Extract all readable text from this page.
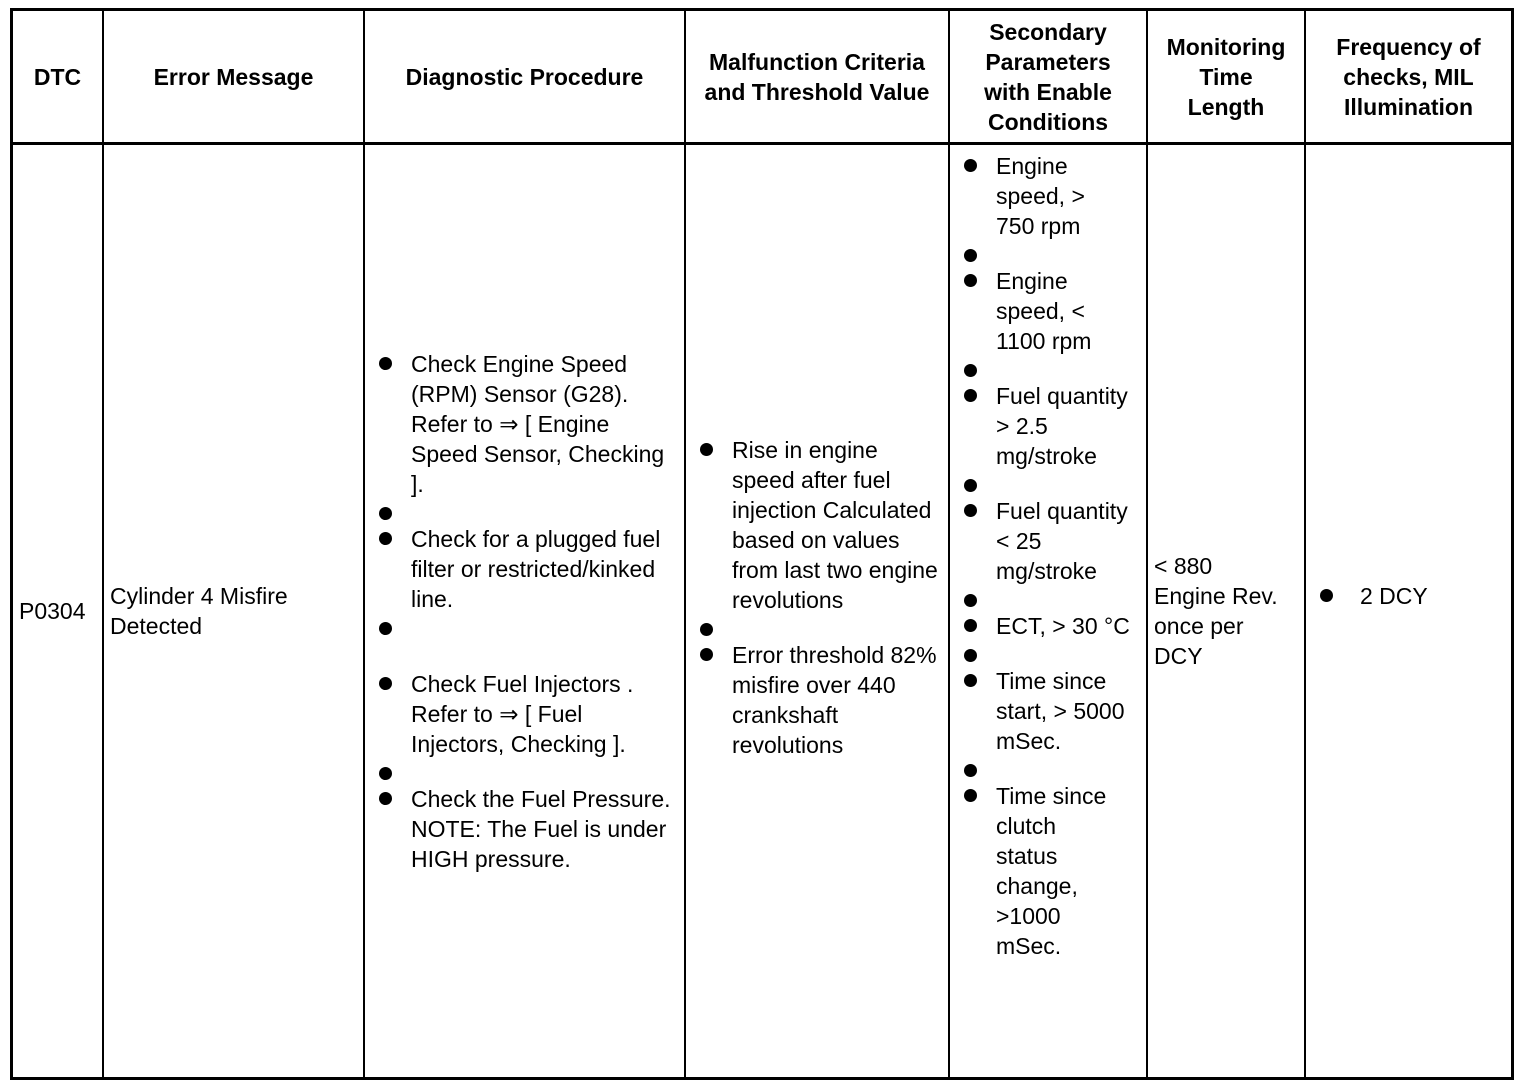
DTC	Error Message	Diagnostic Procedure
Malfunction Criteria and Threshold Value
Secondary Parameters with Enable Conditions
Monitoring Time Length
Frequency of checks, MIL Illumination
P0304
Cylinder 4 Misfire Detected
Check Engine Speed (RPM) Sensor (G28). Refer to ⇒ [ Engine Speed Sensor, Checking ].
Check for a plugged fuel filter or restricted/kinked line.
Check Fuel Injectors . Refer to ⇒ [ Fuel Injectors, Checking ].
Check the Fuel Pressure. NOTE: The Fuel is under HIGH pressure.
Rise in engine speed after fuel injection Calculated based on values from last two engine revolutions
Error threshold 82% misfire over 440 crankshaft revolutions
Engine speed, > 750 rpm
Engine speed, < 1100 rpm
Fuel quantity > 2.5 mg/stroke
Fuel quantity < 25 mg/stroke
ECT, > 30 °C
Time since start, > 5000 mSec.
Time since clutch status change, >1000 mSec.
< 880 Engine Rev. once per DCY
2 DCY
